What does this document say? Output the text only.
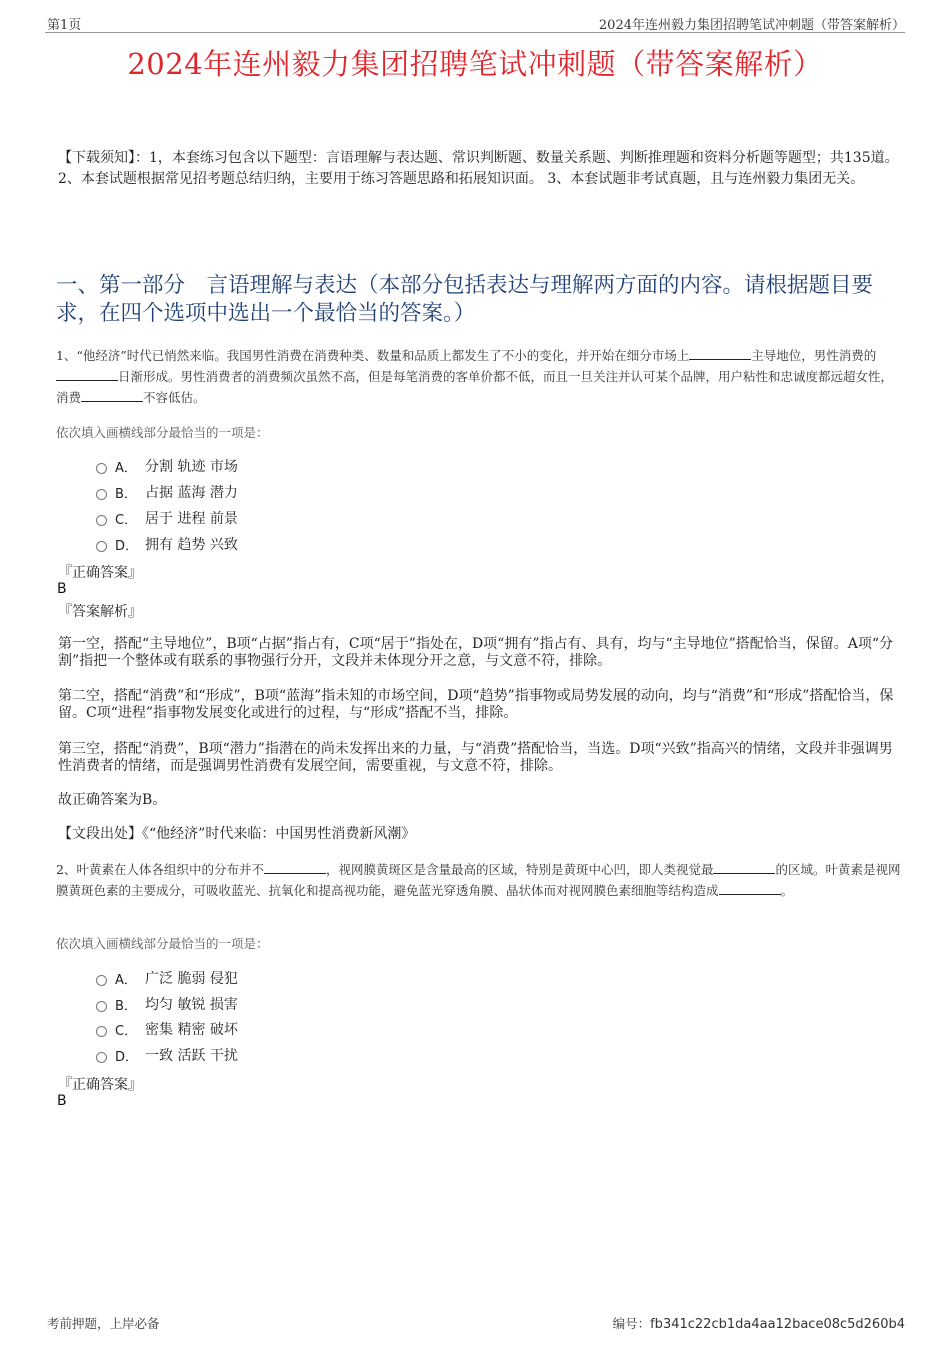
第1页	2024年连州毅力集团招聘笔试冲刺题（带答案解析）
2024年连州毅力集团招聘笔试冲刺题（带答案解析）
【下载须知】：1，本套练习包含以下题型：言语理解与表达题、常识判断题、数量关系题、判断推理题和资料分析题等题型；共135道。 2、本套试题根据常见招考题总结归纳，主要用于练习答题思路和拓展知识面。 3、本套试题非考试真题，且与连州毅力集团无关。
一、第一部分　言语理解与表达（本部分包括表达与理解两方面的内容。请根据题目要求，在四个选项中选出一个最恰当的答案。）
1、“他经济”时代已悄然来临。我国男性消费在消费种类、数量和品质上都发生了不小的变化，并开始在细分市场上	主导地位，男性消费的日渐形成。男性消费者的消费频次虽然不高，但是每笔消费的客单价都不低，而且一旦关注并认可某个品牌，用户粘性和忠诚度都远超女性，消费	不容低估。
依次填入画横线部分最恰当的一项是：
A． 分割 轨迹 市场
B． 占据 蓝海 潜力
C． 居于 进程 前景
D． 拥有 趋势 兴致
『正确答案』
B
『答案解析』
第一空，搭配“主导地位”，B项“占据”指占有，C项“居于”指处在，D项“拥有”指占有、具有，均与“主导地位”搭配恰当，保留。A项“分割”指把一个整体或有联系的事物强行分开，文段并未体现分开之意，与文意不符，排除。
第二空，搭配“消费”和“形成”，B项“蓝海”指未知的市场空间，D项“趋势”指事物或局势发展的动向，均与“消费”和“形成”搭配恰当，保留。C项“进程”指事物发展变化或进行的过程，与“形成”搭配不当，排除。
第三空，搭配“消费”，B项“潜力”指潜在的尚未发挥出来的力量，与“消费”搭配恰当，当选。D项“兴致”指高兴的情绪，文段并非强调男性消费者的情绪，而是强调男性消费有发展空间，需要重视，与文意不符，排除。
故正确答案为B。
【文段出处】《“他经济”时代来临：中国男性消费新风潮》
2、叶黄素在人体各组织中的分布并不	，视网膜黄斑区是含量最高的区域，特别是黄斑中心凹，即人类视觉最	的区域。叶黄素是视网膜黄斑色素的主要成分，可吸收蓝光、抗氧化和提高视功能，避免蓝光穿透角膜、晶状体而对视网膜色素细胞等结构造成	。
依次填入画横线部分最恰当的一项是：
A． 广泛 脆弱 侵犯
B． 均匀 敏锐 损害
C． 密集 精密 破坏
D． 一致 活跃 干扰
『正确答案』
B
考前押题，上岸必备	编号：fb341c22cb1da4aa12bace08c5d260b4
